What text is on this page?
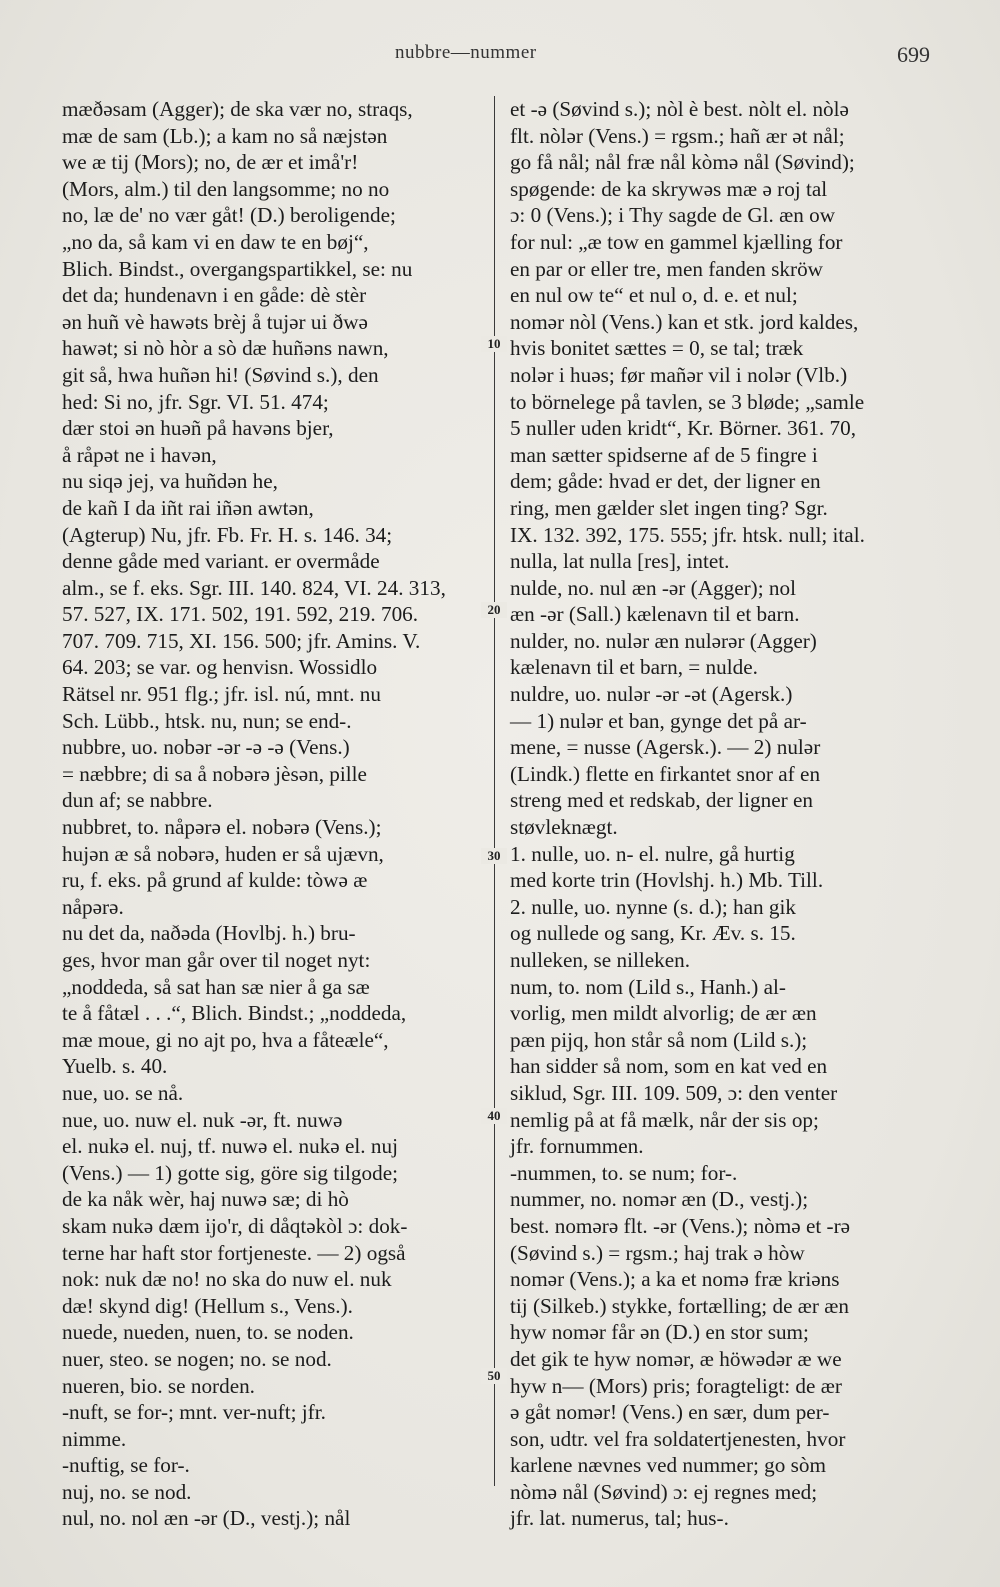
nubbre—nummer	699
mæðəsam (Agger); de ska vær no, straqs,
mæ de sam (Lb.); a kam no så næjstən
we æ tij (Mors); no, de ær et imå'r!
(Mors, alm.) til den langsomme; no no
no, læ de' no vær gåt! (D.) beroligende;
„no da, så kam vi en daw te en bøj“,
Blich. Bindst., overgangspartikkel, se: nu
det da; hundenavn i en gåde: dè stèr
ən huñ vè hawəts brèj å tujər ui ðwə
hawət; si nò hòr a sò dæ huñəns nawn,
git så, hwa huñən hi! (Søvind s.), den
hed: Si no, jfr. Sgr. VI. 51. 474;
dær stoi ən huəñ på havəns bjer,
å råpət ne i havən,
nu siqə jej, va huñdən he,
de kañ I da iñt rai iñən awtən,
(Agterup) Nu, jfr. Fb. Fr. H. s. 146. 34;
denne gåde med variant. er overmåde
alm., se f. eks. Sgr. III. 140. 824, VI. 24. 313,
57. 527, IX. 171. 502, 191. 592, 219. 706.
707. 709. 715, XI. 156. 500; jfr. Amins. V.
64. 203; se var. og henvisn. Wossidlo
Rätsel nr. 951 flg.; jfr. isl. nú, mnt. nu
Sch. Lübb., htsk. nu, nun; se end-.
nubbre, uo. nobər -ər -ə -ə (Vens.)
= næbbre; di sa å nobərə jèsən, pille
dun af; se nabbre.
nubbret, to. nåpərə el. nobərə (Vens.);
hujən æ så nobərə, huden er så ujævn,
ru, f. eks. på grund af kulde: tòwə æ
nåpərə.
nu det da, naðəda (Hovlbj. h.) bru-
ges, hvor man går over til noget nyt:
„noddeda, så sat han sæ nier å ga sæ
te å fåtæl . . .“, Blich. Bindst.; „noddeda,
mæ moue, gi no ajt po, hva a fåteæle“,
Yuelb. s. 40.
nue, uo. se nå.
nue, uo. nuw el. nuk -ər, ft. nuwə
el. nukə el. nuj, tf. nuwə el. nukə el. nuj
(Vens.) — 1) gotte sig, göre sig tilgode;
de ka nåk wèr, haj nuwə sæ; di hò
skam nukə dæm ijo'r, di dåqtəkòl ɔ: dok-
terne har haft stor fortjeneste. — 2) også
nok: nuk dæ no! no ska do nuw el. nuk
dæ! skynd dig! (Hellum s., Vens.).
nuede, nueden, nuen, to. se noden.
nuer, steo. se nogen; no. se nod.
nueren, bio. se norden.
-nuft, se for-; mnt. ver-nuft; jfr.
nimme.
-nuftig, se for-.
nuj, no. se nod.
nul, no. nol æn -ər (D., vestj.); nål
et -ə (Søvind s.); nòl è best. nòlt el. nòlə
flt. nòlər (Vens.) = rgsm.; hañ ær ət nål;
go få nål; nål fræ nål kòmə nål (Søvind);
spøgende: de ka skrywəs mæ ə roj tal
ɔ: 0 (Vens.); i Thy sagde de Gl. æn ow
for nul: „æ tow en gammel kjælling for
en par or eller tre, men fanden skröw
en nul ow te“ et nul o, d. e. et nul;
nomər nòl (Vens.) kan et stk. jord kaldes,
hvis bonitet sættes = 0, se tal; træk
nolər i huəs; før mañər vil i nolər (Vlb.)
to börnelege på tavlen, se 3 bløde; „samle
5 nuller uden kridt“, Kr. Börner. 361. 70,
man sætter spidserne af de 5 fingre i
dem; gåde: hvad er det, der ligner en
ring, men gælder slet ingen ting? Sgr.
IX. 132. 392, 175. 555; jfr. htsk. null; ital.
nulla, lat nulla [res], intet.
nulde, no. nul æn -ər (Agger); nol
æn -ər (Sall.) kælenavn til et barn.
nulder, no. nulər æn nulərər (Agger)
kælenavn til et barn, = nulde.
nuldre, uo. nulər -ər -ət (Agersk.)
— 1) nulər et ban, gynge det på ar-
mene, = nusse (Agersk.). — 2) nulər
(Lindk.) flette en firkantet snor af en
streng med et redskab, der ligner en
støvleknægt.
1. nulle, uo. n- el. nulre, gå hurtig
med korte trin (Hovlshj. h.) Mb. Till.
2. nulle, uo. nynne (s. d.); han gik
og nullede og sang, Kr. Æv. s. 15.
nulleken, se nilleken.
num, to. nom (Lild s., Hanh.) al-
vorlig, men mildt alvorlig; de ær æn
pæn pijq, hon står så nom (Lild s.);
han sidder så nom, som en kat ved en
siklud, Sgr. III. 109. 509, ɔ: den venter
nemlig på at få mælk, når der sis op;
jfr. fornummen.
-nummen, to. se num; for-.
nummer, no. nomər æn (D., vestj.);
best. nomərə flt. -ər (Vens.); nòmə et -rə
(Søvind s.) = rgsm.; haj trak ə hòw
nomər (Vens.); a ka et nomə fræ kriəns
tij (Silkeb.) stykke, fortælling; de ær æn
hyw nomər får ən (D.) en stor sum;
det gik te hyw nomər, æ höwədər æ we
hyw n— (Mors) pris; foragteligt: de ær
ə gåt nomər! (Vens.) en sær, dum per-
son, udtr. vel fra soldatertjenesten, hvor
karlene nævnes ved nummer; go sòm
nòmə nål (Søvind) ɔ: ej regnes med;
jfr. lat. numerus, tal; hus-.
10
20
30
40
50
